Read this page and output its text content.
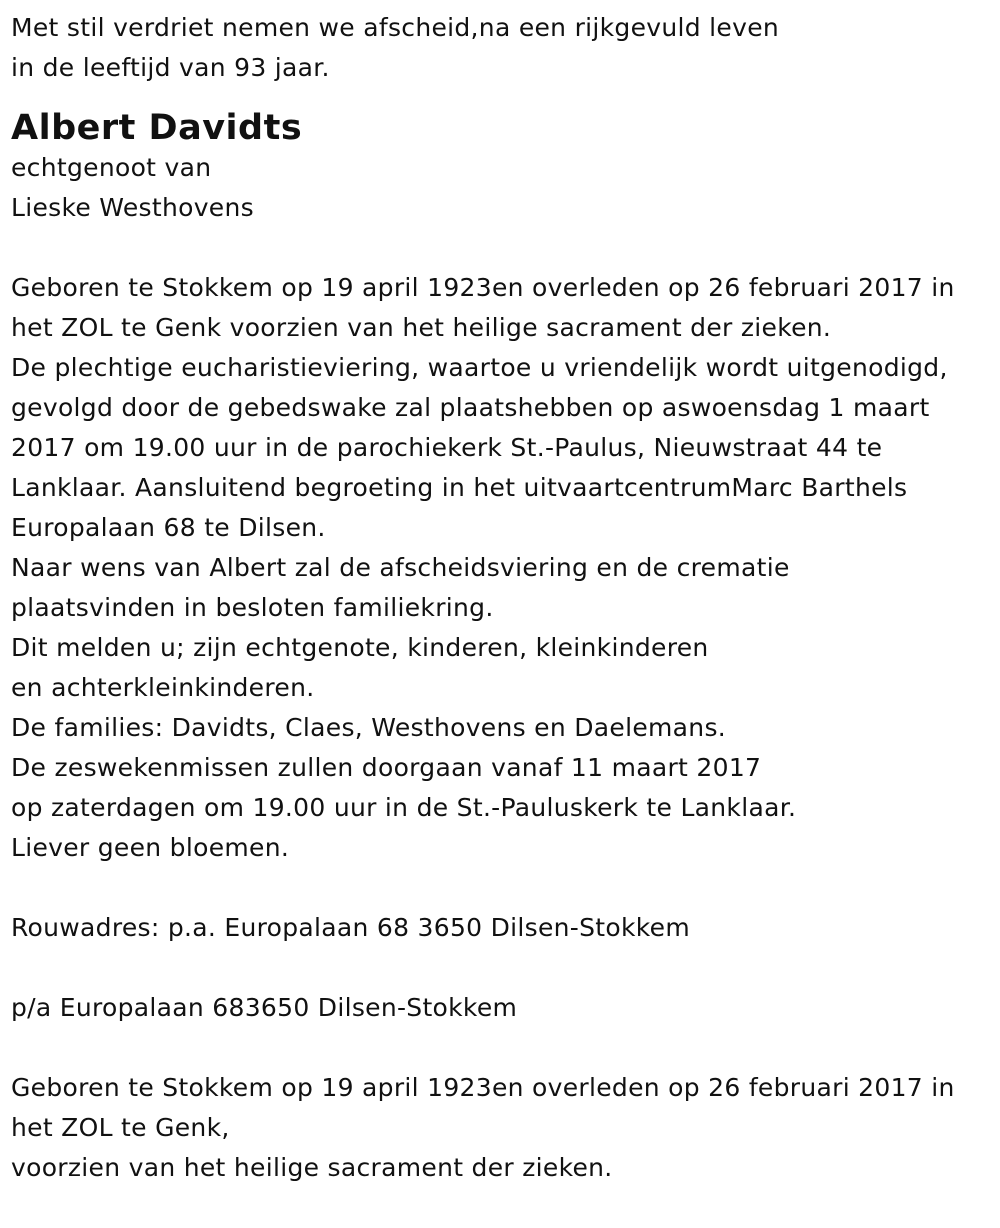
Met stil verdriet nemen we afscheid,na een rijkgevuld leven
in de leeftijd van 93 jaar.
Albert Davidts
echtgenoot van
Lieske Westhovens
Geboren te Stokkem op 19 april 1923en overleden op 26 februari 2017 in
het ZOL te Genk voorzien van het heilige sacrament der zieken.
De plechtige eucharistieviering, waartoe u vriendelijk wordt uitgenodigd,
gevolgd door de gebedswake zal plaatshebben op aswoensdag 1 maart
2017 om 19.00 uur in de parochiekerk St.-Paulus, Nieuwstraat 44 te
Lanklaar. Aansluitend begroeting in het uitvaartcentrumMarc Barthels
Europalaan 68 te Dilsen.
Naar wens van Albert zal de afscheidsviering en de crematie
plaatsvinden in besloten familiekring.
Dit melden u; zijn echtgenote, kinderen, kleinkinderen
en achterkleinkinderen.
De families: Davidts, Claes, Westhovens en Daelemans.
De zeswekenmissen zullen doorgaan vanaf 11 maart 2017
op zaterdagen om 19.00 uur in de St.-Pauluskerk te Lanklaar.
Liever geen bloemen.
Rouwadres: p.a. Europalaan 68 3650 Dilsen-Stokkem
p/a Europalaan 683650 Dilsen-Stokkem
Geboren te Stokkem op 19 april 1923en overleden op 26 februari 2017 in
het ZOL te Genk,
voorzien van het heilige sacrament der zieken.
